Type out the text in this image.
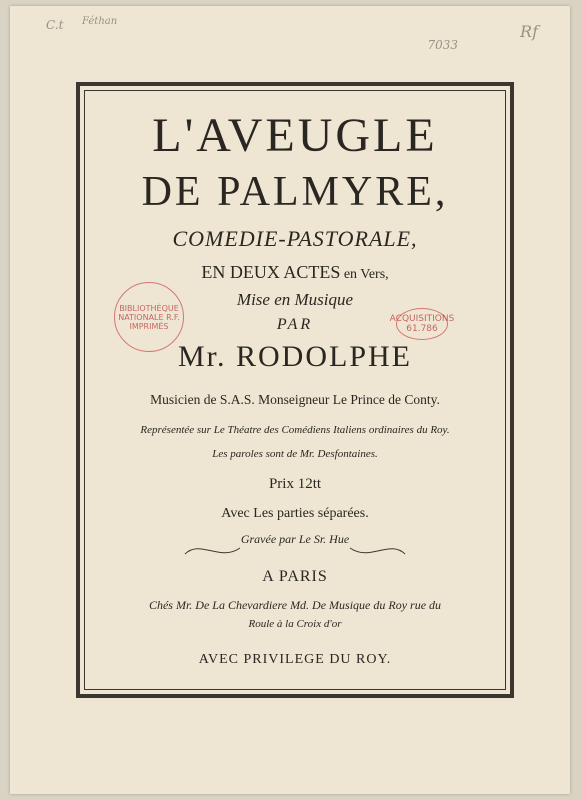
C.t Féthan
Rf
7033
BIBLIOTHÈQUE NATIONALE R.F. IMPRIMÉS
ACQUISITIONS
61.786
L'AVEUGLE
DE PALMYRE,
COMEDIE-PASTORALE,
EN DEUX ACTES en Vers,
Mise en Musique
PAR
Mr. RODOLPHE
Musicien de S.A.S. Monseigneur Le Prince de Conty.
Représentée sur Le Théatre des Comédiens Italiens ordinaires du Roy.
Les paroles sont de Mr. Desfontaines.
Prix 12tt
Avec Les parties séparées.
Gravée par Le Sr. Hue
A PARIS
Chés Mr. De La Chevardiere Md. De Musique du Roy rue du
Roule à la Croix d'or
AVEC PRIVILEGE DU ROY.
